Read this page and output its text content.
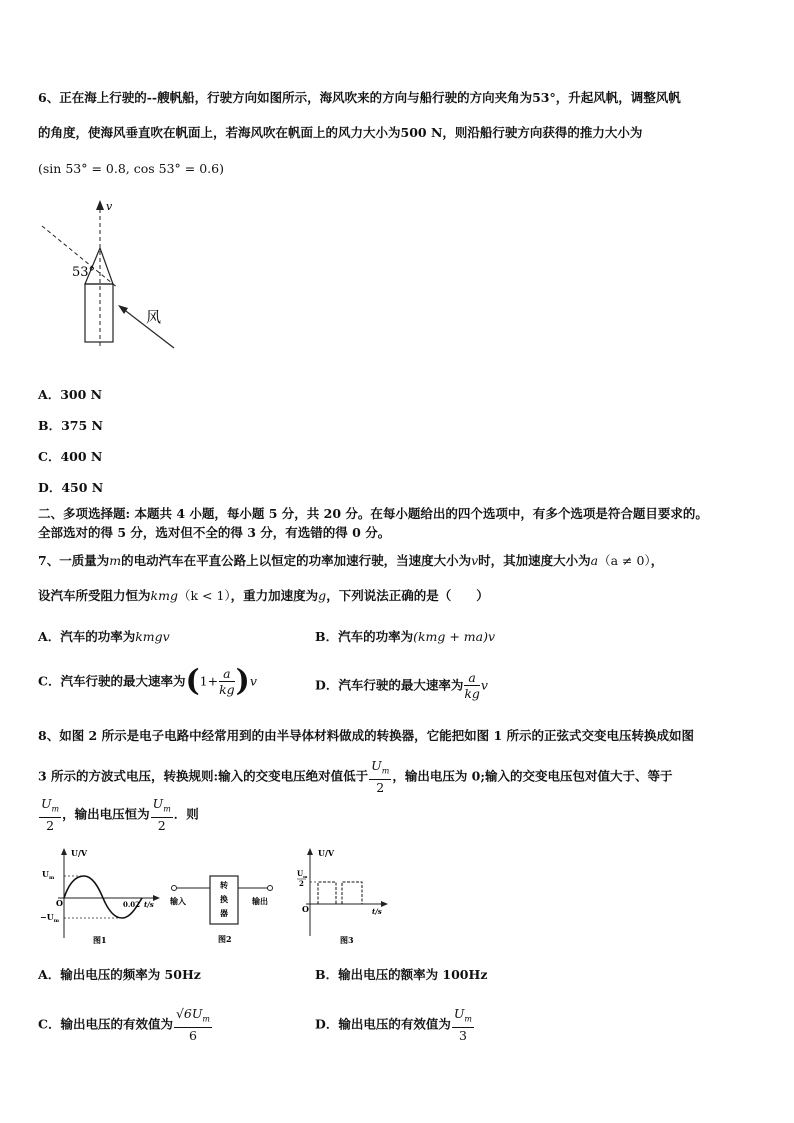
6、正在海上行驶的--艘帆船，行驶方向如图所示，海风吹来的方向与船行驶的方向夹角为53°，升起风帆，调整风帆
的角度，使海风垂直吹在帆面上，若海风吹在帆面上的风力大小为500 N，则沿船行驶方向获得的推力大小为
(sin 53° = 0.8, cos 53° = 0.6)
v
53°
风
A．300 N
B．375 N
C．400 N
D．450 N
二、多项选择题: 本题共 4 小题，每小题 5 分，共 20 分。在每小题给出的四个选项中，有多个选项是符合题目要求的。
全部选对的得 5 分，选对但不全的得 3 分，有选错的得 0 分。
7、一质量为m的电动汽车在平直公路上以恒定的功率加速行驶，当速度大小为v时，其加速度大小为a（a ≠ 0），
设汽车所受阻力恒为kmg（k < 1），重力加速度为g，下列说法正确的是（　　）
A．汽车的功率为kmgv	B．汽车的功率为(kmg + ma)v
C．汽车行驶的最大速率为$(1+ \frac{a}{kg} )v$	D．汽车行驶的最大速率为 $\frac{a}{kg}$ v
8、如图 2 所示是电子电路中经常用到的由半导体材料做成的转换器，它能把如图 1 所示的正弦式交变电压转换成如图
3 所示的方波式电压，转换规则:输入的交变电压绝对值低于 $\frac{U_m}{2}$ ，输出电压为 0;输入的交变电压包对值大于、等于
$\frac{U_m}{2}$ ，输出电压恒为 $\frac{U_m}{2}$ ．则
U/V
$U_m$
O
$-U_m$
0.02 t/s
图1
转
换
器
输入	输出
图2
U/V
$U_m$
2
O	t/s
图3
A．输出电压的频率为 50Hz	B．输出电压的额率为 100Hz
C．输出电压的有效值为 $\frac{√6U_m}{6}$	D．输出电压的有效值为 $\frac{U_m}{3}$
